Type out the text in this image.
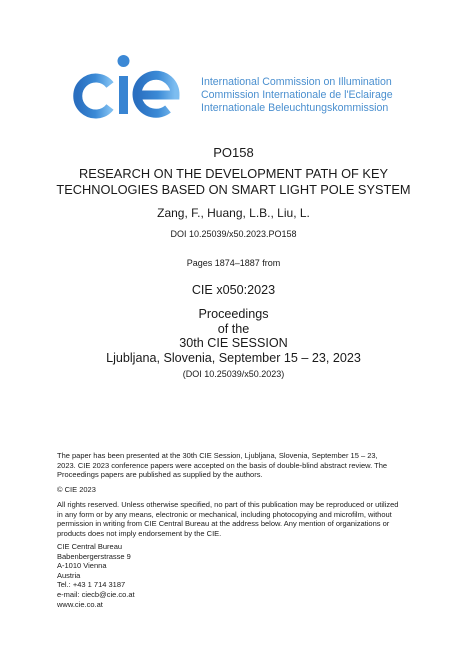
International Commission on Illumination
Commission Internationale de l'Eclairage
Internationale Beleuchtungskommission
PO158
RESEARCH ON THE DEVELOPMENT PATH OF KEY
TECHNOLOGIES BASED ON SMART LIGHT POLE SYSTEM
Zang, F., Huang, L.B., Liu, L.
DOI 10.25039/x50.2023.PO158
Pages 1874–1887 from
CIE x050:2023
Proceedings
of the
30th CIE SESSION
Ljubljana, Slovenia, September 15 – 23, 2023
(DOI 10.25039/x50.2023)
The paper has been presented at the 30th CIE Session, Ljubljana, Slovenia, September 15 – 23,
2023. CIE 2023 conference papers were accepted on the basis of double-blind abstract review. The
Proceedings papers are published as supplied by the authors.
© CIE 2023
All rights reserved. Unless otherwise specified, no part of this publication may be reproduced or utilized
in any form or by any means, electronic or mechanical, including photocopying and microfilm, without
permission in writing from CIE Central Bureau at the address below. Any mention of organizations or
products does not imply endorsement by the CIE.
CIE Central Bureau
Babenbergerstrasse 9
A-1010 Vienna
Austria
Tel.: +43 1 714 3187
e-mail: ciecb@cie.co.at
www.cie.co.at
